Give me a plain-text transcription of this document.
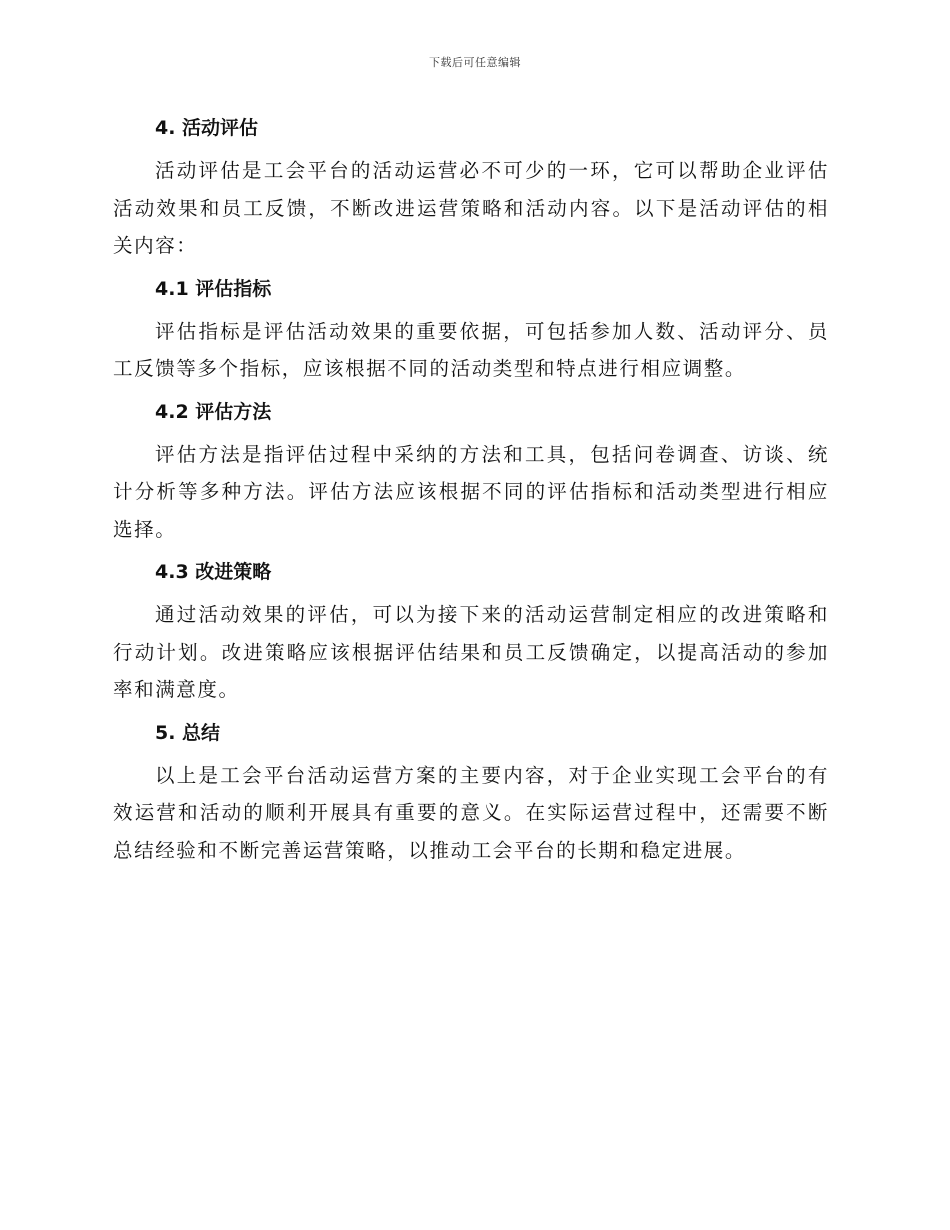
下载后可任意编辑
4. 活动评估
活动评估是工会平台的活动运营必不可少的一环，它可以帮助企业评估活动效果和员工反馈，不断改进运营策略和活动内容。以下是活动评估的相关内容：
4.1 评估指标
评估指标是评估活动效果的重要依据，可包括参加人数、活动评分、员工反馈等多个指标，应该根据不同的活动类型和特点进行相应调整。
4.2 评估方法
评估方法是指评估过程中采纳的方法和工具，包括问卷调查、访谈、统计分析等多种方法。评估方法应该根据不同的评估指标和活动类型进行相应选择。
4.3 改进策略
通过活动效果的评估，可以为接下来的活动运营制定相应的改进策略和行动计划。改进策略应该根据评估结果和员工反馈确定，以提高活动的参加率和满意度。
5. 总结
以上是工会平台活动运营方案的主要内容，对于企业实现工会平台的有效运营和活动的顺利开展具有重要的意义。在实际运营过程中，还需要不断总结经验和不断完善运营策略，以推动工会平台的长期和稳定进展。
